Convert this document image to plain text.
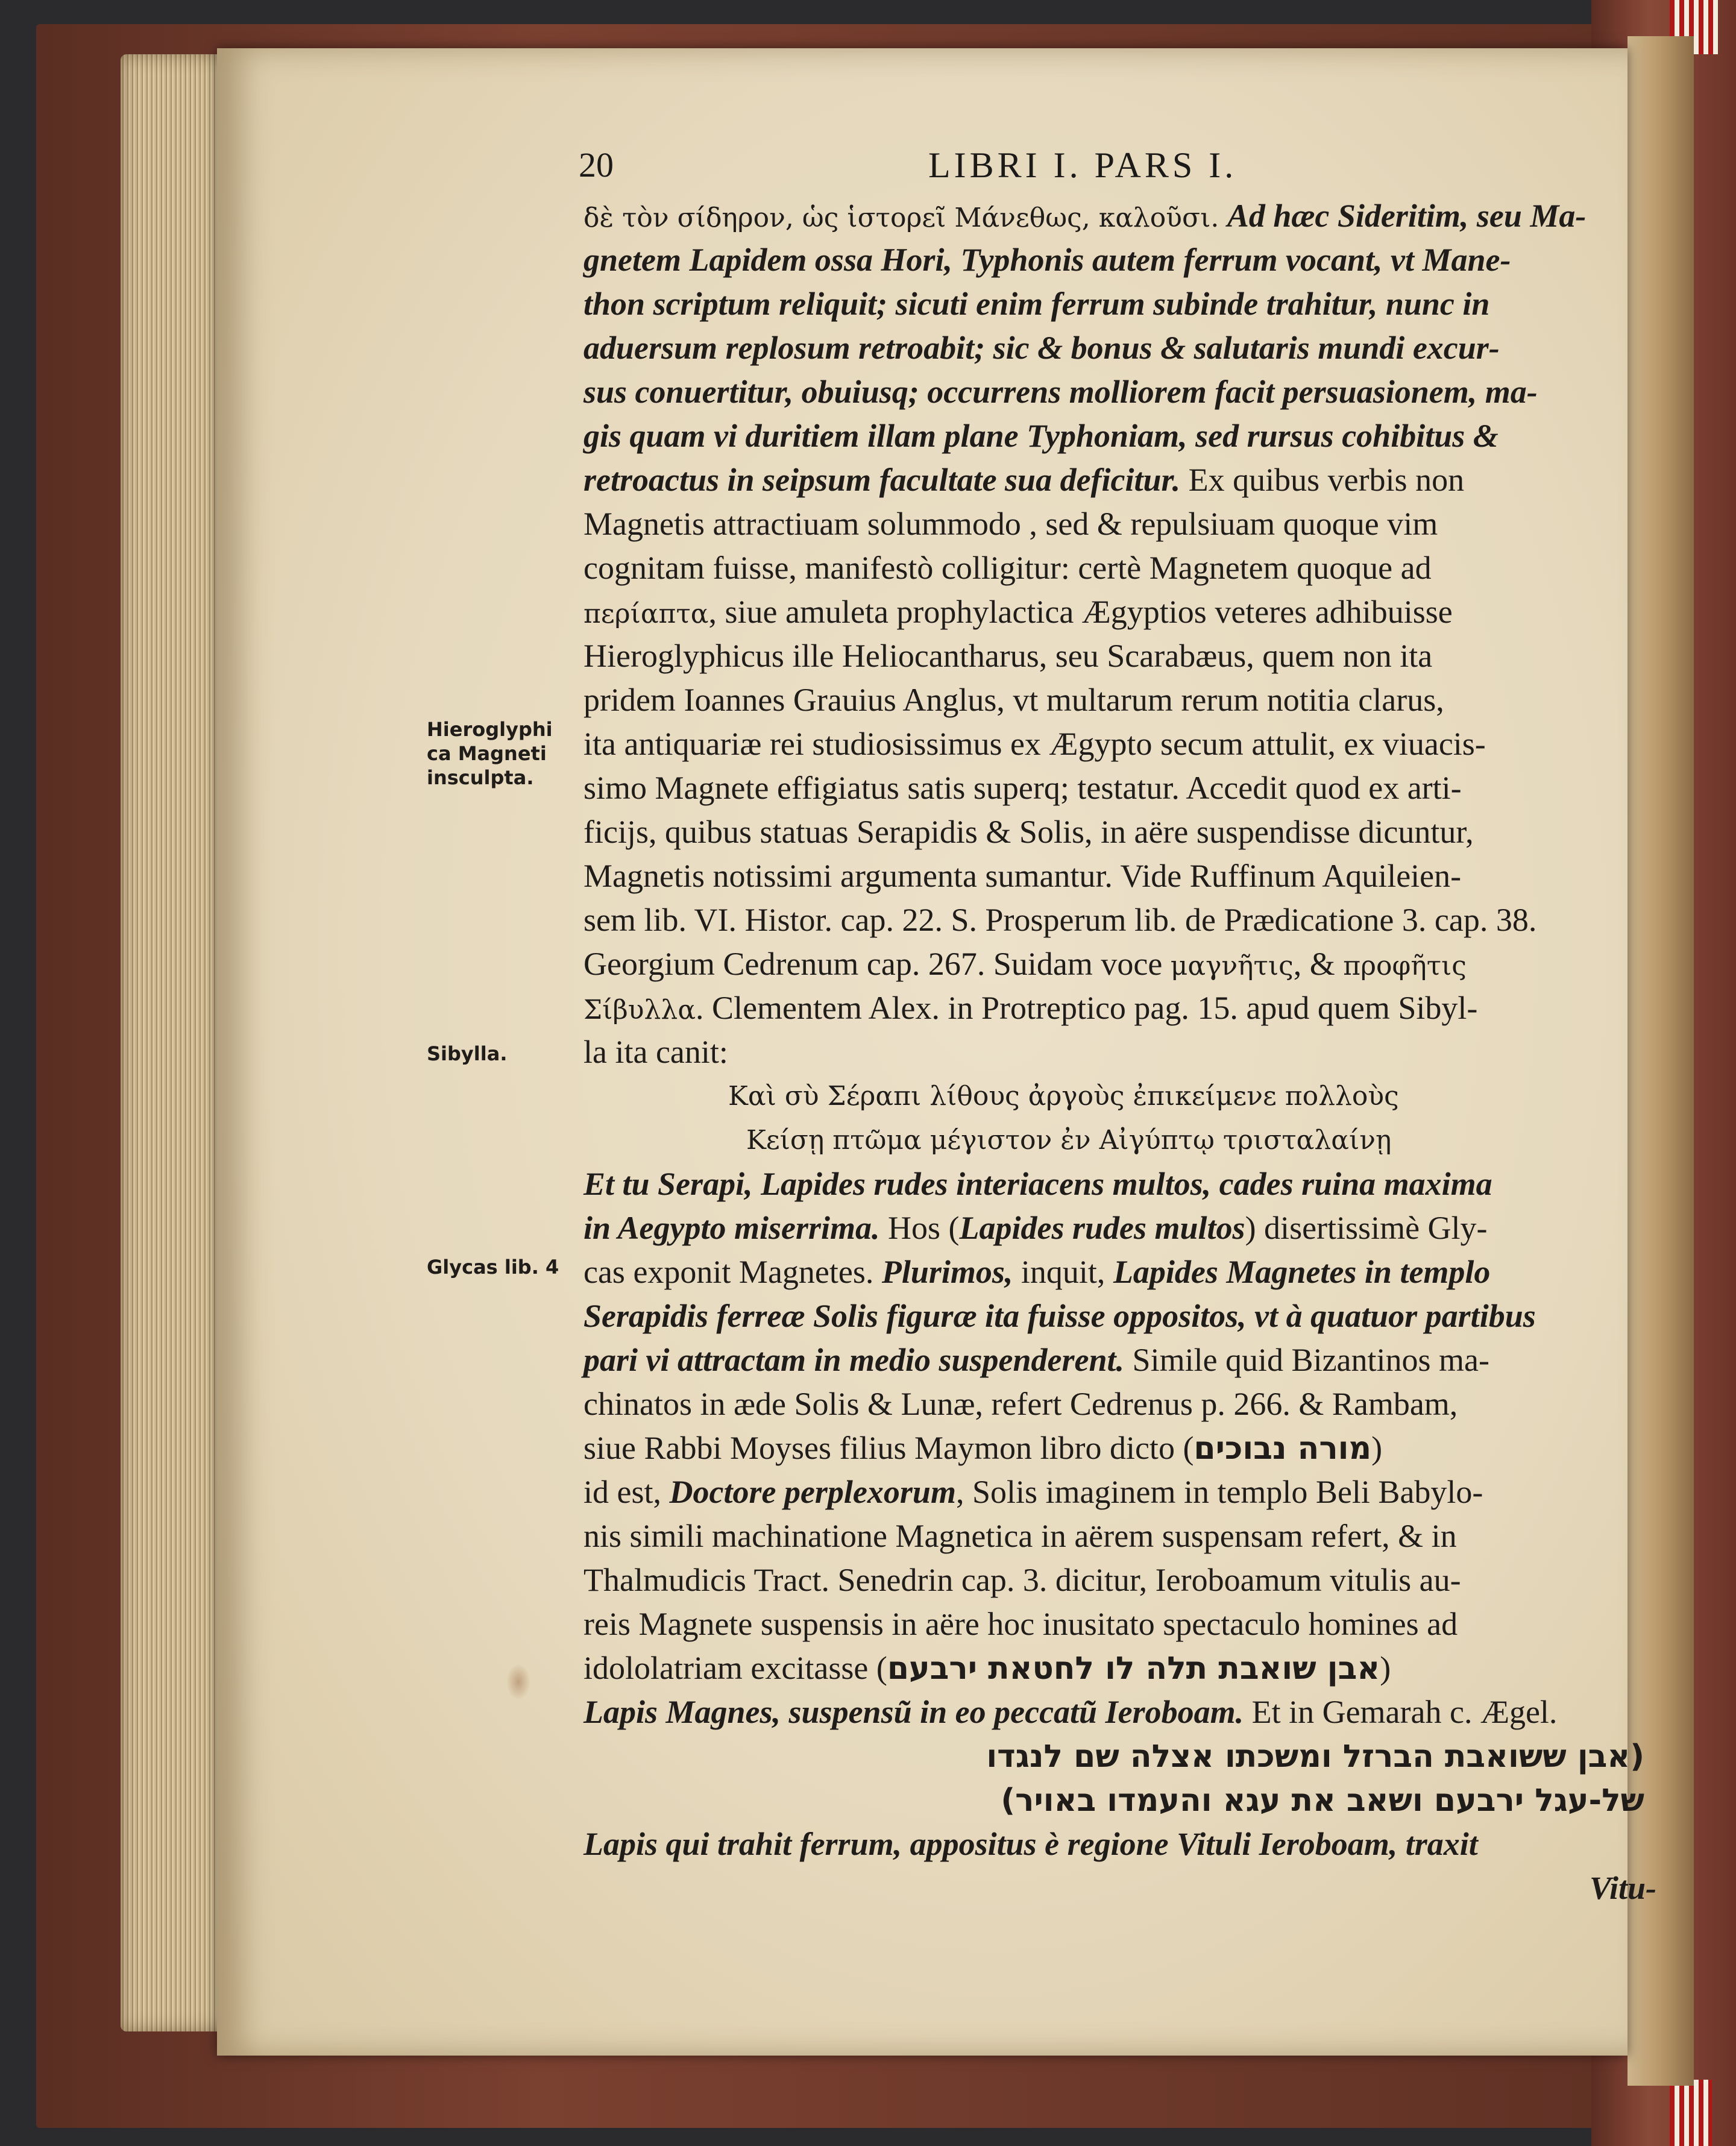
20	LIBRI I. PARS I.
Hieroglyphi
ca Magneti
insculpta.
Sibylla.
Glycas lib. 4
δὲ τὸν σίδηρον, ὡς ἱστορεῖ Μάνεθως, καλοῦσι. Ad hæc Sideritim, seu Ma-
gnetem Lapidem ossa Hori, Typhonis autem ferrum vocant, vt Mane-
thon scriptum reliquit; sicuti enim ferrum subinde trahitur, nunc in
aduersum replosum retroabit; sic & bonus & salutaris mundi excur-
sus conuertitur, obuiusq; occurrens molliorem facit persuasionem, ma-
gis quam vi duritiem illam plane Typhoniam, sed rursus cohibitus &
retroactus in seipsum facultate sua deficitur. Ex quibus verbis non
Magnetis attractiuam solummodo , sed & repulsiuam quoque vim
cognitam fuisse, manifestò colligitur: certè Magnetem quoque ad
περίαπτα, siue amuleta prophylactica Ægyptios veteres adhibuisse
Hieroglyphicus ille Heliocantharus, seu Scarabæus, quem non ita
pridem Ioannes Grauius Anglus, vt multarum rerum notitia clarus,
ita antiquariæ rei studiosissimus ex Ægypto secum attulit, ex viuacis-
simo Magnete effigiatus satis superq; testatur. Accedit quod ex arti-
ficijs, quibus statuas Serapidis & Solis, in aëre suspendisse dicuntur,
Magnetis notissimi argumenta sumantur. Vide Ruffinum Aquileien-
sem lib. VI. Histor. cap. 22. S. Prosperum lib. de Prædicatione 3. cap. 38.
Georgium Cedrenum cap. 267. Suidam voce μαγνῆτις, & προφῆτις
Σίβυλλα. Clementem Alex. in Protreptico pag. 15. apud quem Sibyl-
la ita canit:
Καὶ σὺ Σέραπι λίθους ἀργοὺς ἐπικείμενε πολλοὺς
Κείσῃ πτῶμα μέγιστον ἐν Αἰγύπτῳ τρισταλαίνῃ
Et tu Serapi, Lapides rudes interiacens multos, cades ruina maxima
in Aegypto miserrima. Hos (Lapides rudes multos) disertissimè Gly-
cas exponit Magnetes. Plurimos, inquit, Lapides Magnetes in templo
Serapidis ferreæ Solis figuræ ita fuisse oppositos, vt à quatuor partibus
pari vi attractam in medio suspenderent. Simile quid Bizantinos ma-
chinatos in æde Solis & Lunæ, refert Cedrenus p. 266. & Rambam,
siue Rabbi Moyses filius Maymon libro dicto (מורה נבוכים)
id est, Doctore perplexorum, Solis imaginem in templo Beli Babylo-
nis simili machinatione Magnetica in aërem suspensam refert, & in
Thalmudicis Tract. Senedrin cap. 3. dicitur, Ieroboamum vitulis au-
reis Magnete suspensis in aëre hoc inusitato spectaculo homines ad
idololatriam excitasse (אבן שואבת תלה לו לחטאת ירבעם)
Lapis Magnes, suspensũ in eo peccatũ Ieroboam. Et in Gemarah c. Ægel.
(אבן ששואבת הברזל ומשכתו אצלה שם לנגדו
של-עגל ירבעם ושאב את עגא והעמדו באויר)
Lapis qui trahit ferrum, appositus è regione Vituli Ieroboam, traxit
Vitu-
